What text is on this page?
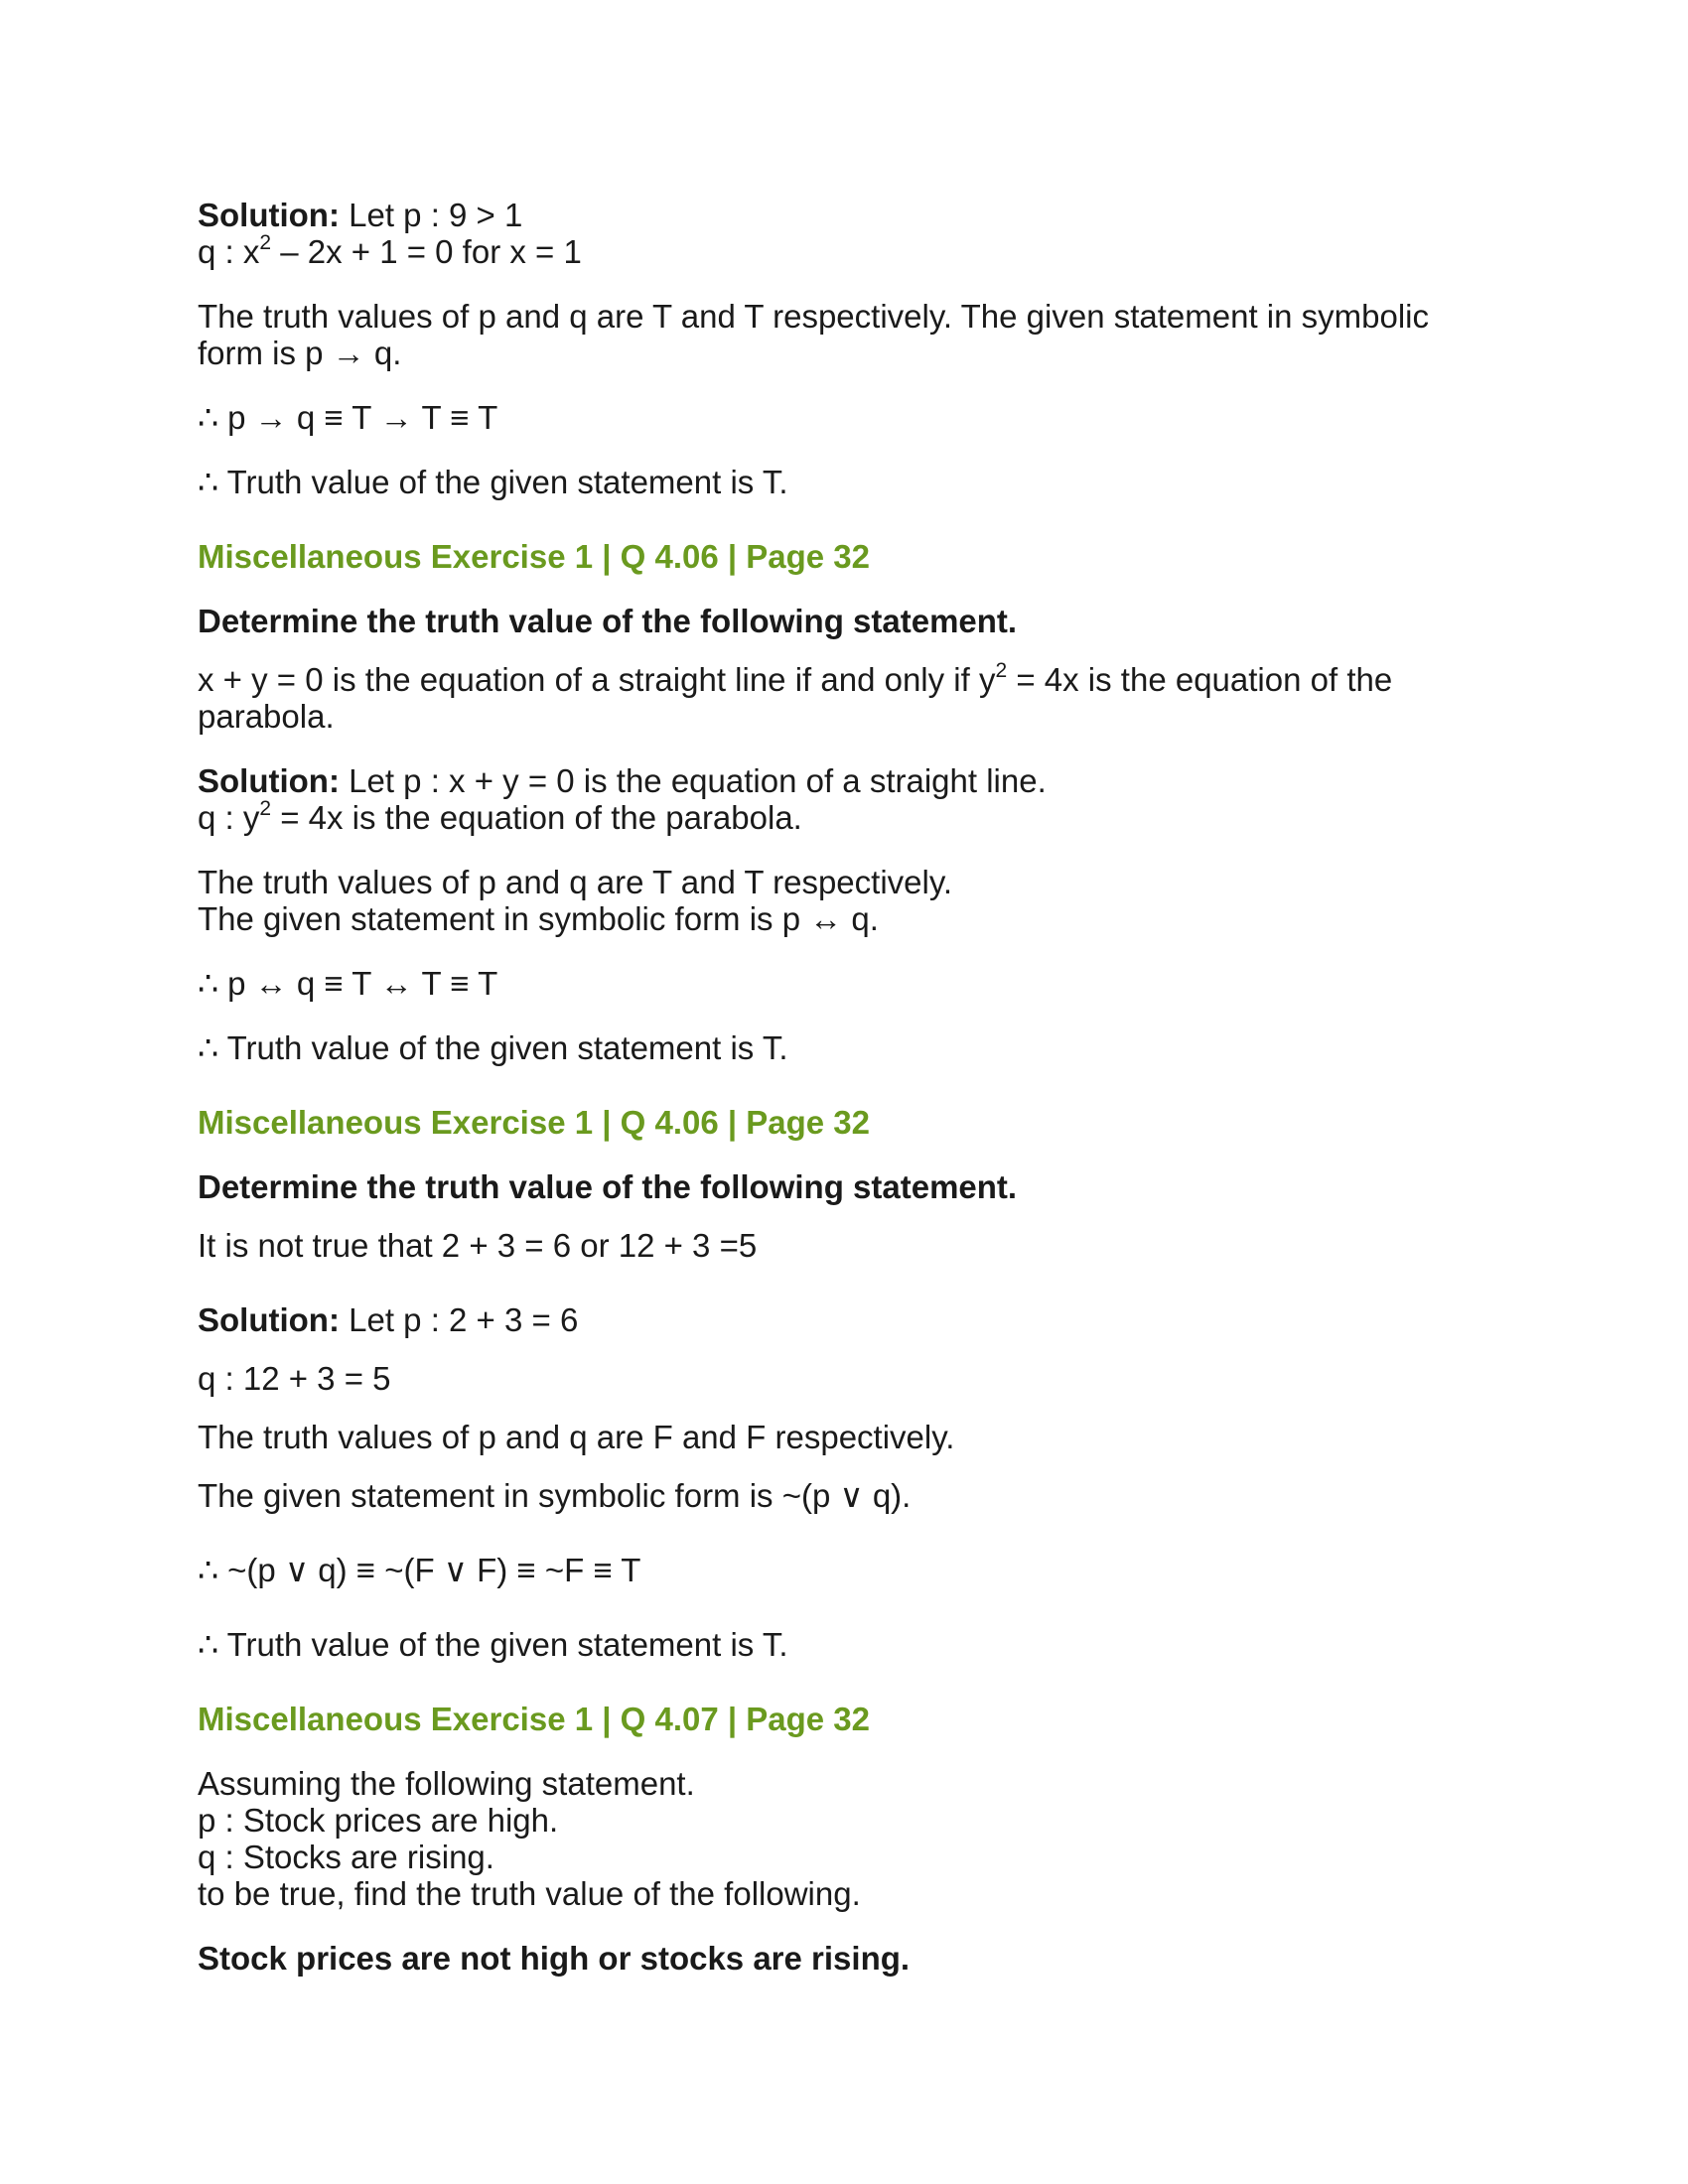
Solution: Let p : 9 > 1

q : $x^2 - 2x + 1 = 0$ for x = 1

The truth values of p and q are T and T respectively. The given statement in symbolic form is p → q.

∴ p → q ≡ T → T ≡ T

∴ Truth value of the given statement is T.

Miscellaneous Exercise 1 | Q 4.06 | Page 32

Determine the truth value of the following statement.

x + y = 0 is the equation of a straight line if and only if $y^2 = 4x$ is the equation of the parabola.

Solution: Let p : x + y = 0 is the equation of a straight line.

q : $y^2 = 4x$ is the equation of the parabola.

The truth values of p and q are T and T respectively.

The given statement in symbolic form is p ↔ q.

∴ p ↔ q ≡ T ↔ T ≡ T

∴ Truth value of the given statement is T.

Miscellaneous Exercise 1 | Q 4.06 | Page 32

Determine the truth value of the following statement.

It is not true that 2 + 3 = 6 or 12 + 3 =5

Solution: Let p : 2 + 3 = 6

q : 12 + 3 = 5

The truth values of p and q are F and F respectively.

The given statement in symbolic form is ~(p ∨ q).

∴ ~(p ∨ q) ≡ ~(F ∨ F) ≡ ~F ≡ T

∴ Truth value of the given statement is T.

Miscellaneous Exercise 1 | Q 4.07 | Page 32

Assuming the following statement.

p : Stock prices are high.

q : Stocks are rising.

to be true, find the truth value of the following.

Stock prices are not high or stocks are rising.
